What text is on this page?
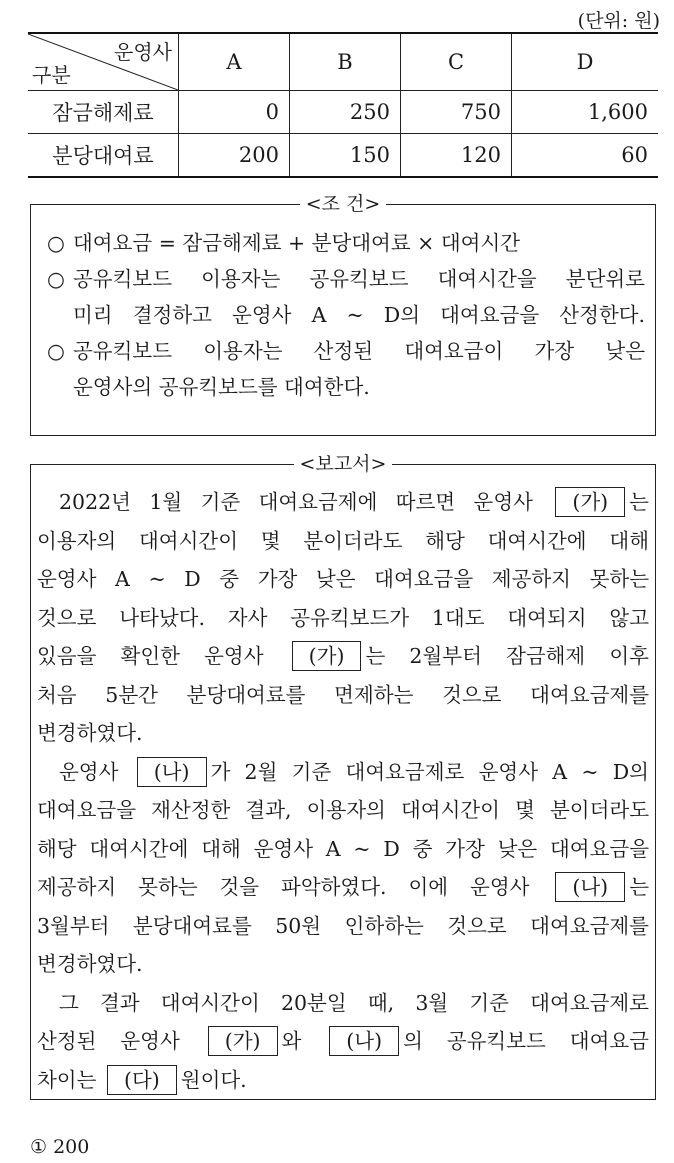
(단위: 원)
운영사
구분	A	B	C	D
잠금해제료	0	250	750	1,600
분당대여료	200	150	120	60
<조 건>
○ 대여요금 = 잠금해제료 + 분당대여료 × 대여시간
○ 공유킥보드 이용자는 공유킥보드 대여시간을 분단위로
미리 결정하고 운영사 A ~ D의 대여요금을 산정한다.
○ 공유킥보드 이용자는 산정된 대여요금이 가장 낮은
운영사의 공유킥보드를 대여한다.
<보고서>

2022년 1월 기준 대여요금제에 따르면 운영사 (가) 는

이용자의 대여시간이 몇 분이더라도 해당 대여시간에 대해

운영사 A ~ D 중 가장 낮은 대여요금을 제공하지 못하는

것으로 나타났다. 자사 공유킥보드가 1대도 대여되지 않고

있음을 확인한 운영사 (가) 는 2월부터 잠금해제 이후

처음 5분간 분당대여료를 면제하는 것으로 대여요금제를

변경하였다.

운영사 (나) 가 2월 기준 대여요금제로 운영사 A ~ D의

대여요금을 재산정한 결과, 이용자의 대여시간이 몇 분이더라도

해당 대여시간에 대해 운영사 A ~ D 중 가장 낮은 대여요금을

제공하지 못하는 것을 파악하였다. 이에 운영사 (나) 는

3월부터 분당대여료를 50원 인하하는 것으로 대여요금제를

변경하였다.

그 결과 대여시간이 20분일 때, 3월 기준 대여요금제로

산정된 운영사 (가) 와 (나) 의 공유킥보드 대여요금

차이는 (다) 원이다.

① 200
